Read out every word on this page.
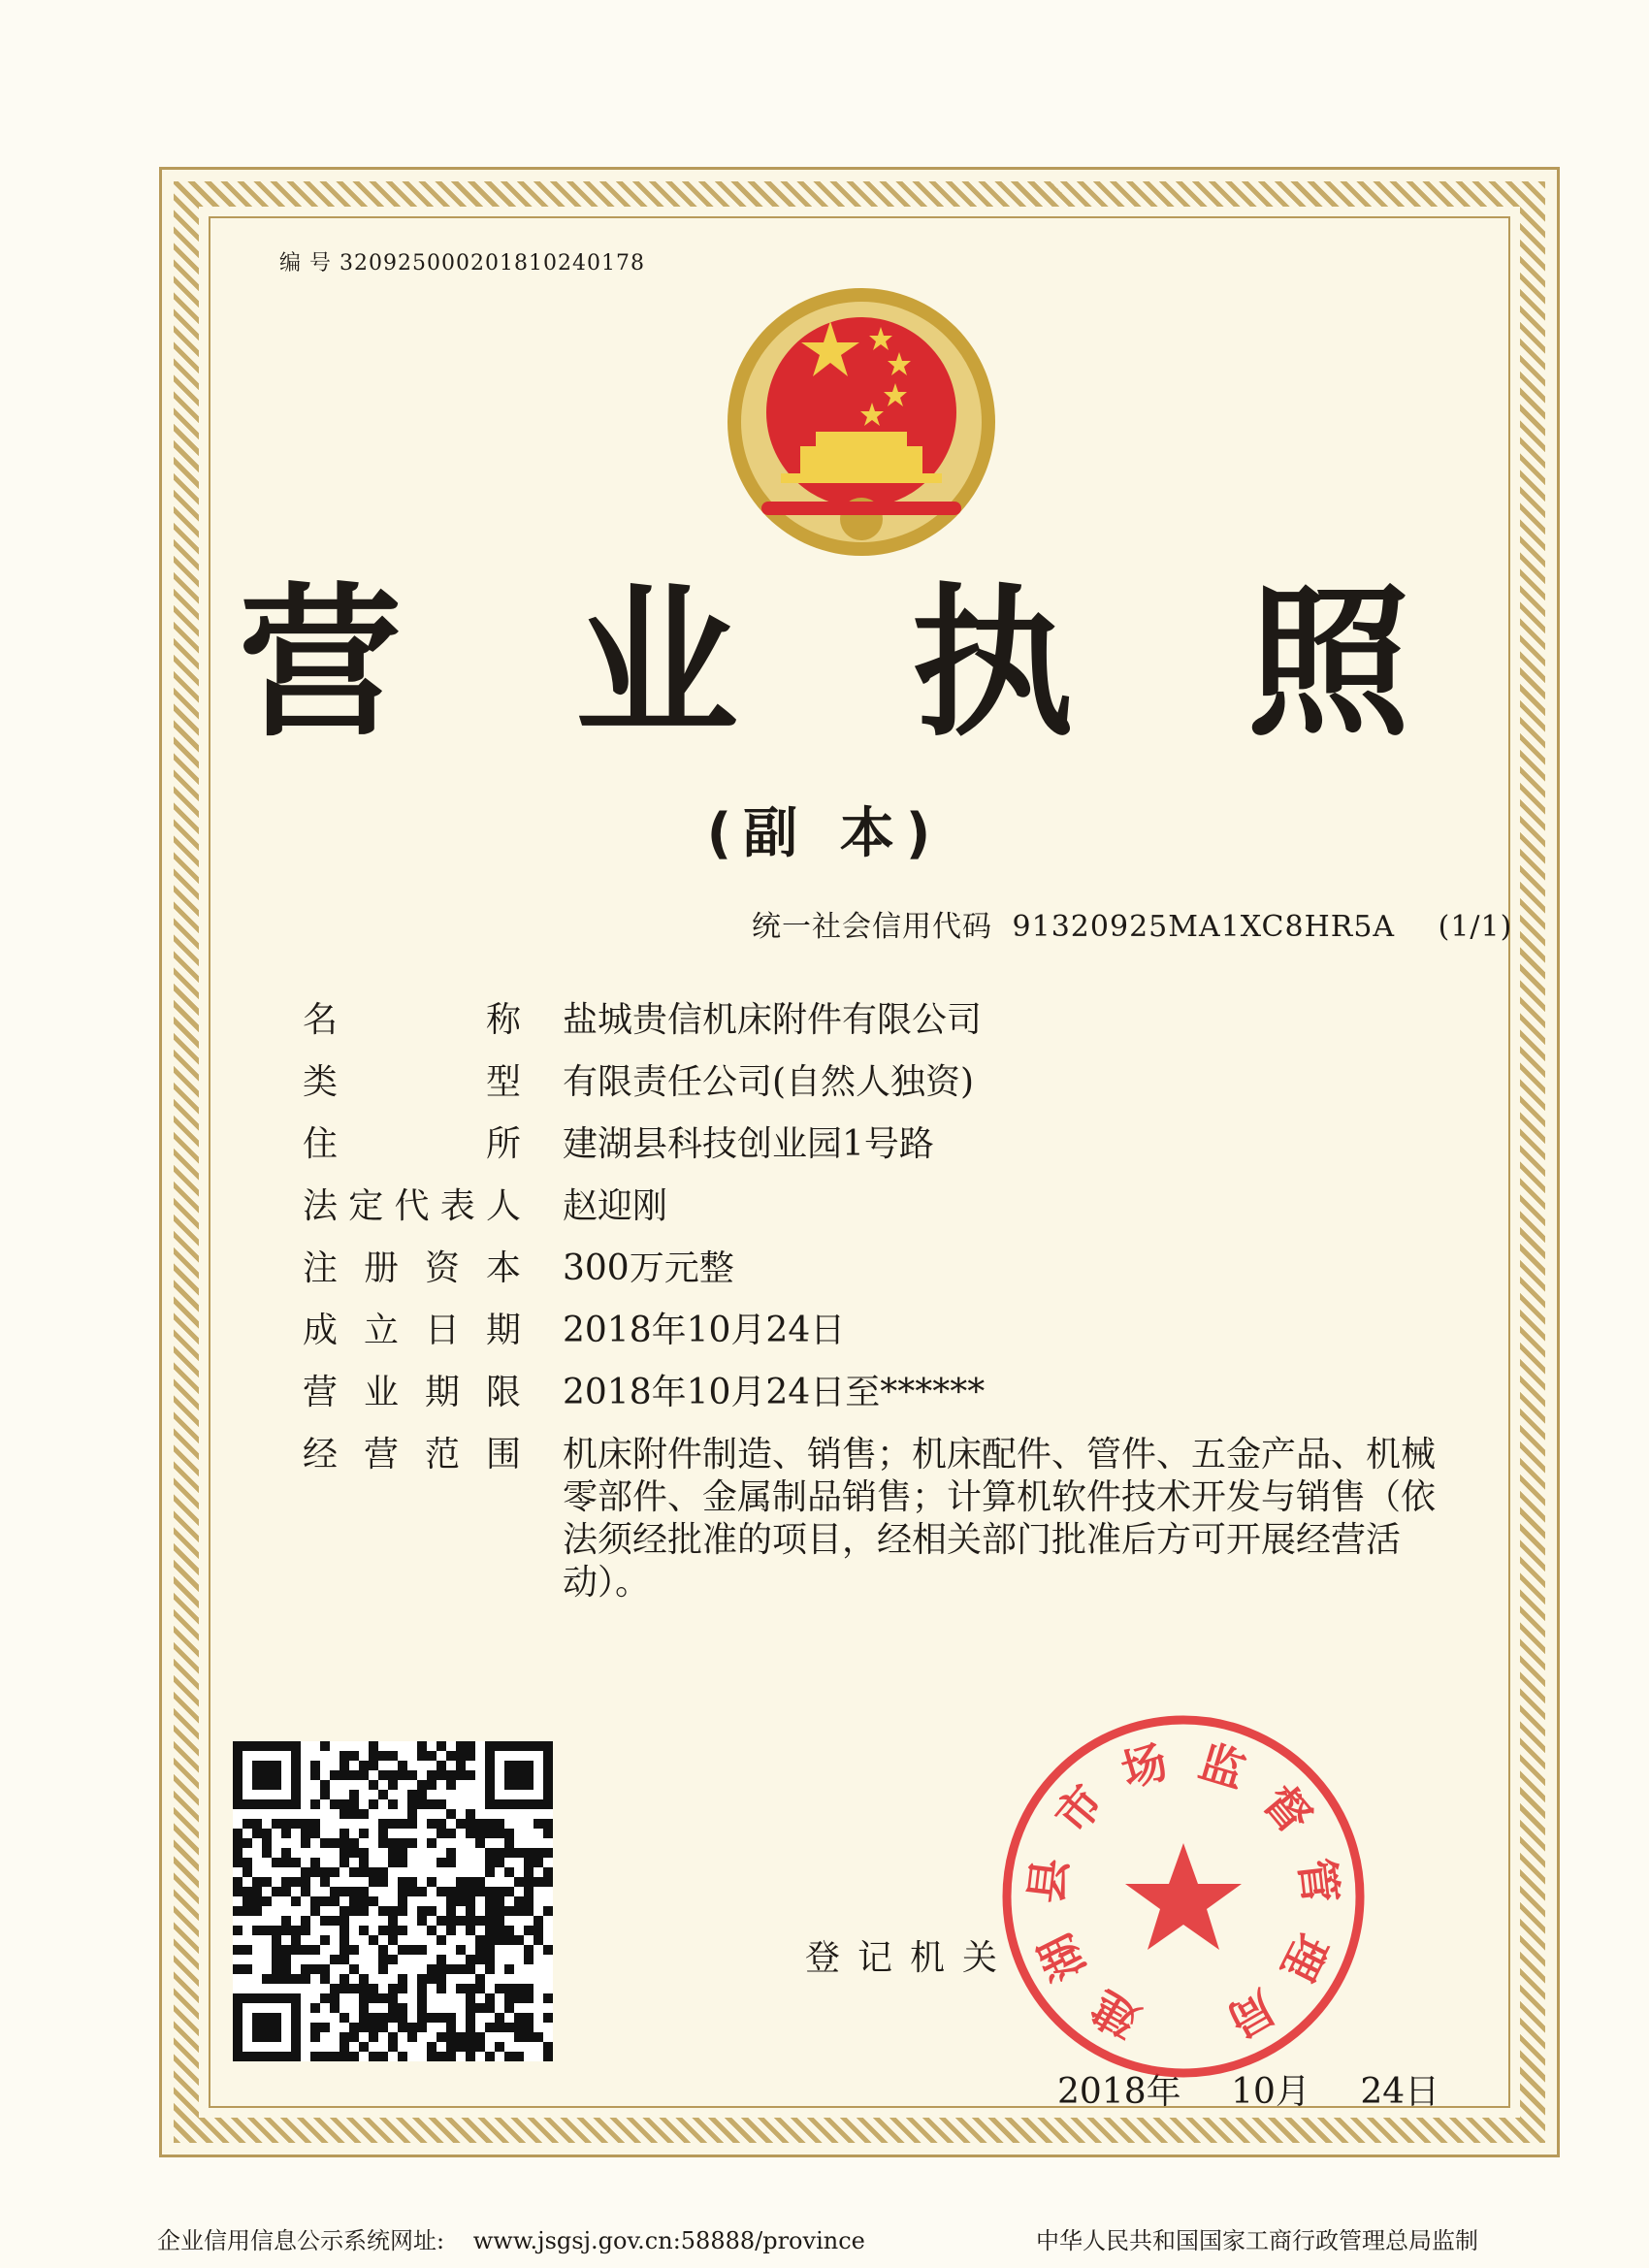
编 号 320925000201810240178
营 业 执 照
(副 本)
统一社会信用代码 91320925MA1XC8HR5A (1/1)
名	称 盐城贵信机床附件有限公司
类	型 有限责任公司(自然人独资)
住	所 建湖县科技创业园1号路
法 定 代 表 人 赵迎刚
注 册 资 本 300万元整
成 立 日 期 2018年10月24日
营 业 期 限 2018年10月24日至******
经 营 范 围 机床附件制造、销售；机床配件、管件、五金产品、机械零部件、金属制品销售；计算机软件技术开发与销售（依法须经批准的项目，经相关部门批准后方可开展经营活动）。
登记机关
2018年 10月 24日
建
湖
县
市
场 监
督
管
理
局
企业信用信息公示系统网址: www.jsgsj.gov.cn:58888/province	中华人民共和国国家工商行政管理总局监制
